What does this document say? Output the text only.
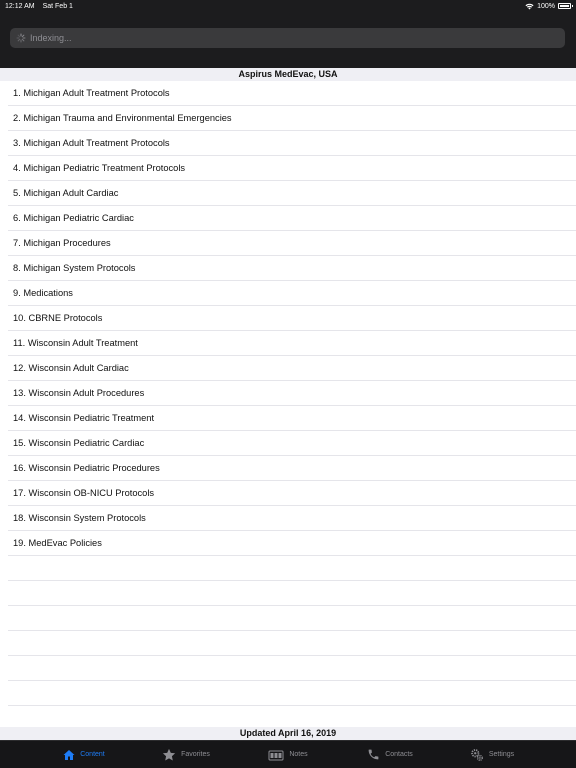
12:12 AM Sat Feb 1	100%
Indexing...
Aspirus MedEvac, USA
1. Michigan Adult Treatment Protocols
2. Michigan Trauma and Environmental Emergencies
3. Michigan Adult Treatment Protocols
4. Michigan Pediatric Treatment Protocols
5. Michigan Adult Cardiac
6. Michigan Pediatric Cardiac
7. Michigan Procedures
8. Michigan System Protocols
9. Medications
10. CBRNE Protocols
11. Wisconsin Adult Treatment
12. Wisconsin Adult Cardiac
13. Wisconsin Adult Procedures
14. Wisconsin Pediatric Treatment
15. Wisconsin Pediatric Cardiac
16. Wisconsin Pediatric Procedures
17. Wisconsin OB-NICU Protocols
18. Wisconsin System Protocols
19. MedEvac Policies
Updated April 16, 2019
Content	Favorites	Notes	Contacts	Settings
